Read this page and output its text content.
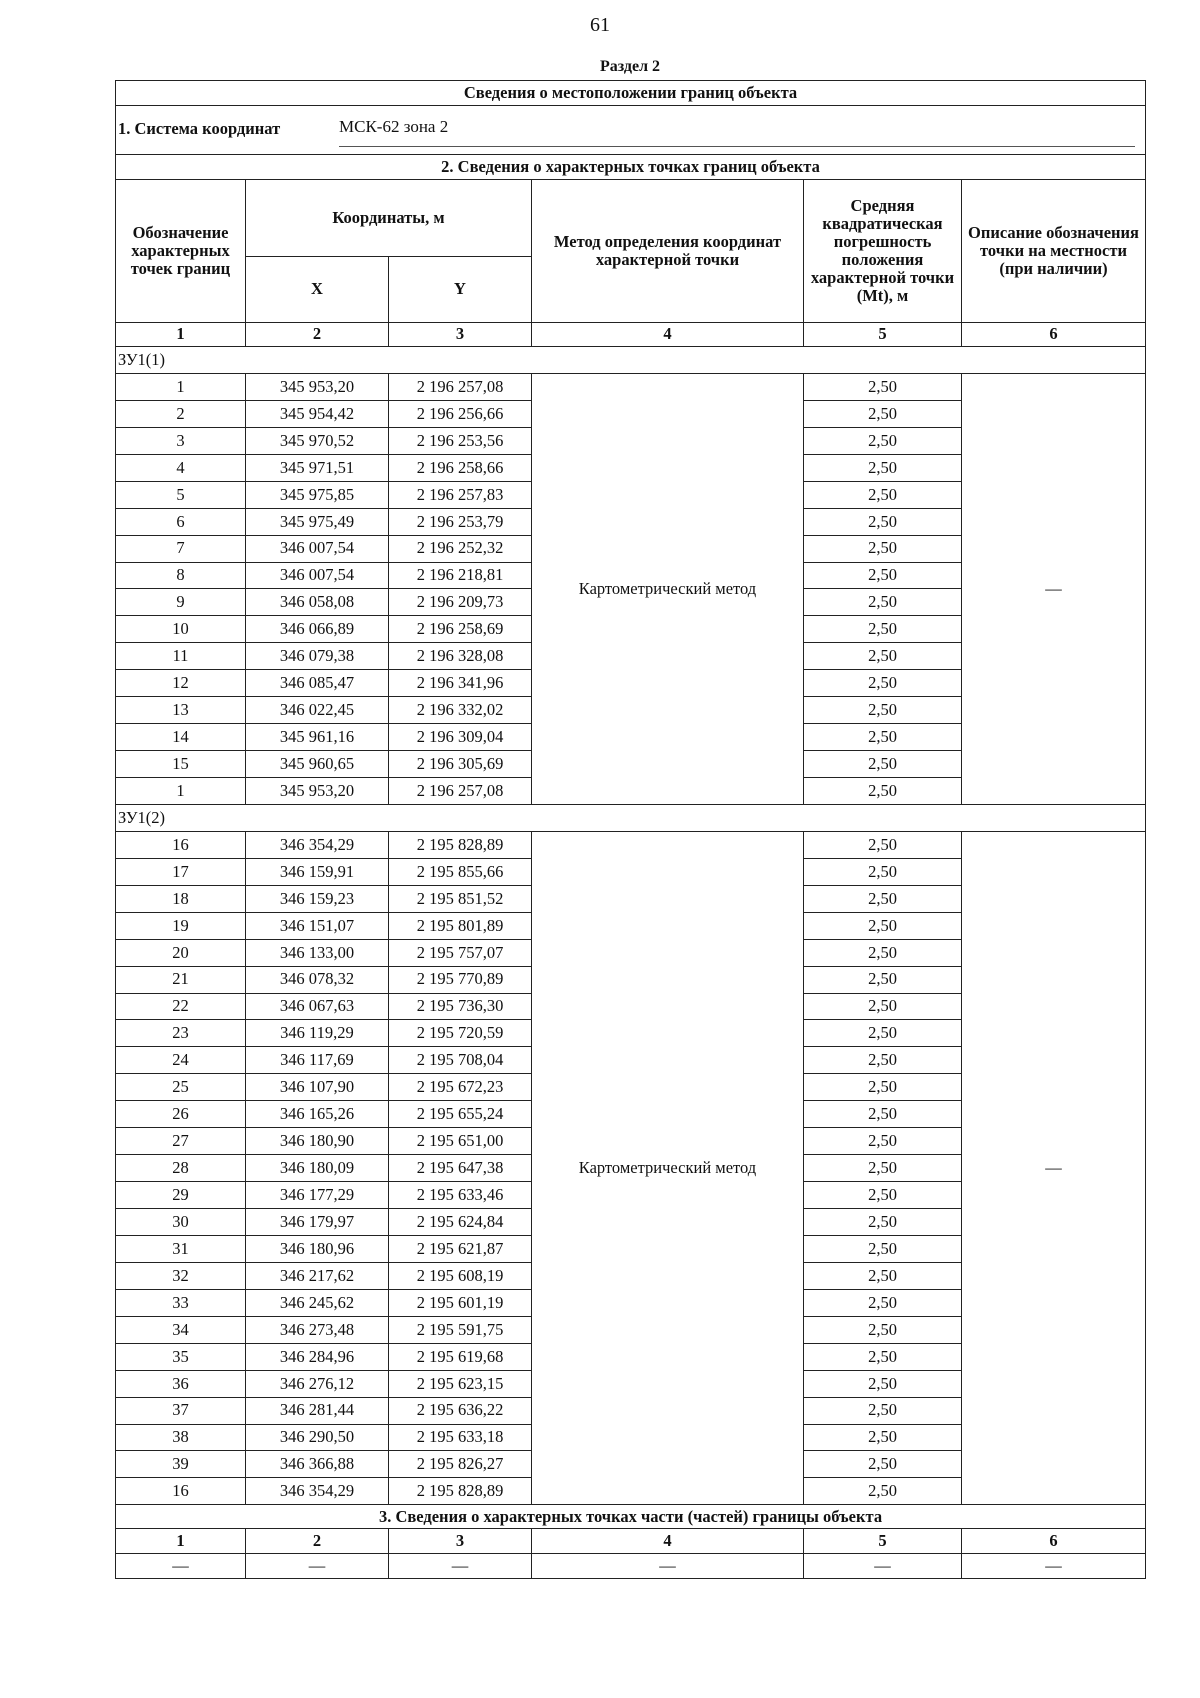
61
Раздел 2
Сведения о местоположении границ объекта					

1. Система координат МСК-62 зона 2					

2. Сведения о характерных точках границ объекта					
Обозначение характерных точек границ	Координаты, м		Метод определения координат характерной точки	Средняя квадратическая погрешность положения характерной точки (Mt), м	Описание обозначения точки на местности (при наличии)
	X	Y			
1	2	3	4	5	6
ЗУ1(1)					
1	345 953,20	2 196 257,08	Картометрический метод	2,50	—
2	345 954,42	2 196 256,66		2,50	
3	345 970,52	2 196 253,56		2,50	
4	345 971,51	2 196 258,66		2,50	
5	345 975,85	2 196 257,83		2,50	
6	345 975,49	2 196 253,79		2,50	
7	346 007,54	2 196 252,32		2,50	
8	346 007,54	2 196 218,81		2,50	
9	346 058,08	2 196 209,73		2,50	
10	346 066,89	2 196 258,69		2,50	
11	346 079,38	2 196 328,08		2,50	
12	346 085,47	2 196 341,96		2,50	
13	346 022,45	2 196 332,02		2,50	
14	345 961,16	2 196 309,04		2,50	
15	345 960,65	2 196 305,69		2,50	
1	345 953,20	2 196 257,08		2,50	
ЗУ1(2)					
16	346 354,29	2 195 828,89	Картометрический метод	2,50	—
17	346 159,91	2 195 855,66		2,50	
18	346 159,23	2 195 851,52		2,50	
19	346 151,07	2 195 801,89		2,50	
20	346 133,00	2 195 757,07		2,50	
21	346 078,32	2 195 770,89		2,50	
22	346 067,63	2 195 736,30		2,50	
23	346 119,29	2 195 720,59		2,50	
24	346 117,69	2 195 708,04		2,50	
25	346 107,90	2 195 672,23		2,50	
26	346 165,26	2 195 655,24		2,50	
27	346 180,90	2 195 651,00		2,50	
28	346 180,09	2 195 647,38		2,50	
29	346 177,29	2 195 633,46		2,50	
30	346 179,97	2 195 624,84		2,50	
31	346 180,96	2 195 621,87		2,50	
32	346 217,62	2 195 608,19		2,50	
33	346 245,62	2 195 601,19		2,50	
34	346 273,48	2 195 591,75		2,50	
35	346 284,96	2 195 619,68		2,50	
36	346 276,12	2 195 623,15		2,50	
37	346 281,44	2 195 636,22		2,50	
38	346 290,50	2 195 633,18		2,50	
39	346 366,88	2 195 826,27		2,50	
16	346 354,29	2 195 828,89		2,50	
3. Сведения о характерных точках части (частей) границы объекта					
1	2	3	4	5	6
—	—	—	—	—	—
